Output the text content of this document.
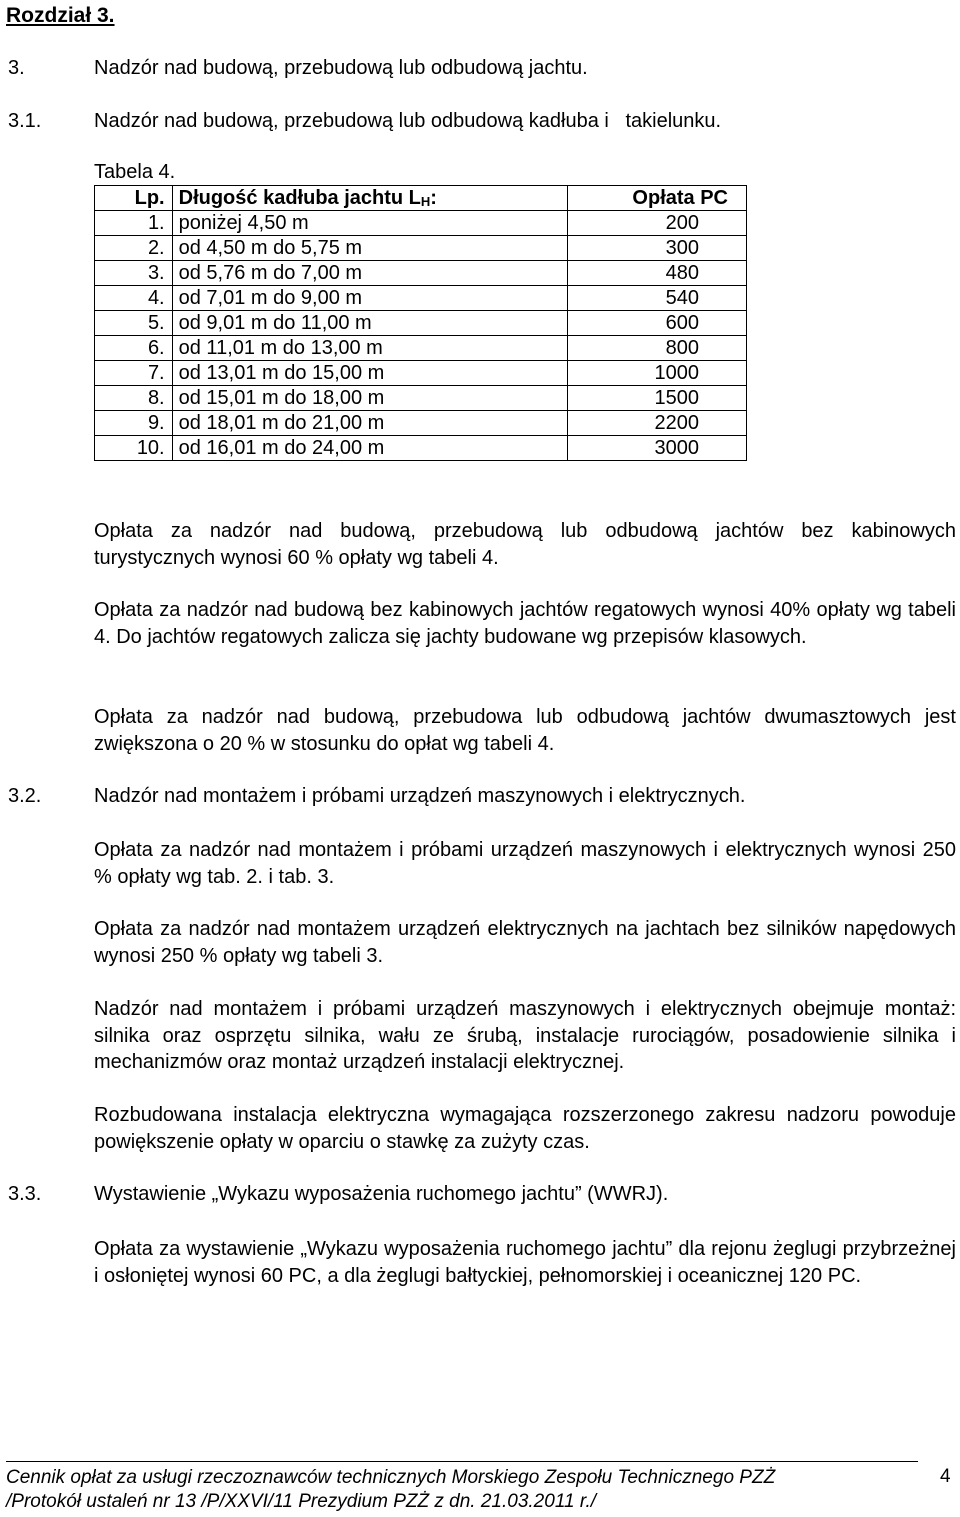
Rozdział 3.
3.	Nadzór nad budową, przebudową lub odbudową jachtu.
3.1.	Nadzór nad budową, przebudową lub odbudową kadłuba i   takielunku.
Tabela 4.
Lp.	Długość kadłuba jachtu $L_H$:	Opłata PC
1.	poniżej 4,50 m	200
2.	od 4,50 m do 5,75 m	300
3.	od 5,76 m do 7,00 m	480
4.	od 7,01 m do 9,00 m	540
5.	od 9,01 m do 11,00 m	600
6.	od 11,01 m do 13,00 m	800
7.	od 13,01 m do 15,00 m	1000
8.	od 15,01 m do 18,00 m	1500
9.	od 18,01 m do 21,00 m	2200
10.	od 16,01 m do 24,00 m	3000
Opłata za nadzór nad budową, przebudową lub odbudową jachtów bez kabinowych turystycznych wynosi 60 % opłaty wg tabeli 4.
Opłata za nadzór nad budową bez kabinowych jachtów regatowych wynosi 40% opłaty wg tabeli 4. Do jachtów regatowych zalicza się jachty budowane wg przepisów klasowych.
Opłata za nadzór nad budową, przebudowa lub odbudową jachtów dwumasztowych jest zwiększona o 20 % w stosunku do opłat wg tabeli 4.
3.2.	Nadzór nad montażem i próbami urządzeń maszynowych i elektrycznych.
Opłata za nadzór nad montażem i próbami urządzeń maszynowych i elektrycznych wynosi 250 % opłaty wg tab. 2. i tab. 3.
Opłata za nadzór nad montażem urządzeń elektrycznych na jachtach bez silników napędowych wynosi 250 % opłaty wg tabeli 3.
Nadzór nad montażem i próbami urządzeń maszynowych i elektrycznych obejmuje montaż: silnika oraz osprzętu silnika, wału ze śrubą, instalacje rurociągów, posadowienie silnika i mechanizmów oraz montaż urządzeń instalacji elektrycznej.
Rozbudowana instalacja elektryczna wymagająca rozszerzonego zakresu nadzoru powoduje powiększenie opłaty w oparciu o stawkę za zużyty czas.
3.3.	Wystawienie „Wykazu wyposażenia ruchomego jachtu” (WWRJ).
Opłata za wystawienie „Wykazu wyposażenia ruchomego jachtu” dla rejonu żeglugi przybrzeżnej i osłoniętej wynosi 60 PC, a dla żeglugi bałtyckiej, pełnomorskiej i oceanicznej 120 PC.
Cennik opłat za usługi rzeczoznawców technicznych Morskiego Zespołu Technicznego PZŻ
/Protokół ustaleń nr 13 /P/XXVI/11 Prezydium PZŻ z dn. 21.03.2011 r./
4
